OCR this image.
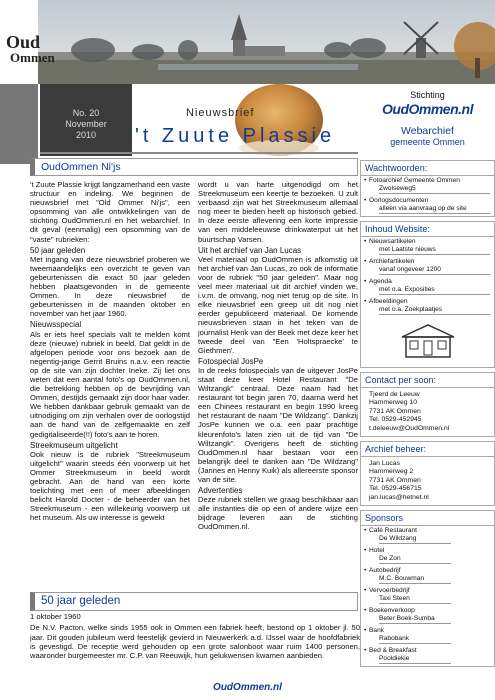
Oud
Ommen
No. 20
November
2010
Nieuwsbrief
't Zuute Plassie
Stichting
OudOmmen.nl
Webarchief
gemeente Ommen
OudOmmen Ni'js

't Zuute Plassie krijgt langzamerhand een vaste structuur en indeling. We beginnen de nieuwsbrief met "Old Ommer Ni'js", een opsomming van alle ontwikkelingen van de stichting OudOmmen.nl en het webarchief. In dit geval (eenmalig) een opsomming van de "vaste" rubrieken:

50 jaar geleden

Met ingang van deze nieuwsbrief proberen we tweemaandelijks een overzicht te geven van gebeurtenissen die exact 50 jaar geleden hebben plaatsgevonden in de gemeente Ommen. In deze nieuwsbrief de gebeurtenissen in de maanden oktober en november van het jaar 1960.

Nieuwsspecial

Als er iets heel specials valt te melden komt deze (nieuwe) rubriek in beeld. Dat geldt in de afgelopen periode voor ons bezoek aan de negentig-jarige Gerrit Bruins n.a.v. een reactie op de site van zijn dochter Ineke. Zij liet ons weten dat een aantal foto's op OudOmmen.nl, die betrekking hebben op de bevrijding van Ommen, destijds gemaakt zijn door haar vader. We hebben dankbaar gebruik gemaakt van de uitnodiging om zijn verhalen over de oorlogstijd aan de hand van de zelfgemaakte en zelf gedigitaliseerde(!!) foto's aan te horen.

Streekmuseum uitgelicht

Ook nieuw is de rubriek "Streekmuseum uitgelicht" waarin steeds één voorwerp uit het Ommer Streekmuseum in beeld wordt gebracht. Aan de hand van een korte toelichting met een of meer afbeeldingen belicht Harold Docter - de beheerder van het Streekmuseum - een willekeurig voorwerp uit het museum. Als uw interesse is gewekt

wordt u van harte uitgenodigd om het Streekmuseum een keertje te bezoeken. U zult verbaasd zijn wat het Streekmuseum allemaal nog meer te bieden heeft op historisch gebied. In deze eerste aflevering een korte impressie van een middeleeuwse drinkwaterput uit het buurtschap Varsen.

Uit het archief van Jan Lucas

Veel materiaal op OudOmmen is afkomstig uit het archief van Jan Lucas, zo ook de informatie voor de rubriek "50 jaar geleden". Maar nog veel meer materiaal uit dit archief vinden we, i.v.m. de omvang, nog niet terug op de site. In elke nieuwsbrief een greep uit dit nog niet eerder gepubliceerd materiaal. De komende nieuwsbrieven staan in het teken van de journalist Henk van der Beek met deze keer het tweede deel van "Een 'Holtspraecke' te Giethmen'.

Fotospecial JosPe

In de reeks fotospecials van de uitgever JosPe staat deze keer Hotel Restaurant "De Wiltzangk" centraal. Deze naam had het restaurant tot begin jaren 70, daarna werd het een Chinees restaurant en begin 1990 kreeg het restaurant de naam "De Wildzang". Dankzij JosPe kunnen we o.a. een paar prachtige kleurenfoto's laten zien uit de tijd van "De Wiltzangk". Overigens heeft de stichting OudOmmen.nl haar bestaan voor een belangrijk deel te danken aan "De Wildzang" (Jannes en Henny Kuik) als allereerste sponsor van de site.

Advertenties

Deze rubriek stellen we graag beschikbaar aan alle instanties die op een of andere wijze een bijdrage leveren aan de stichting OudOmmen.nl.

50 jaar geleden

1 oktober 1960

De N.V. Pacton, welke sinds 1955 ook in Ommen een fabriek heeft, bestond op 1 oktober jl. 50 jaar. Dit gouden jubileum werd feestelijk gevierd in Nieuwerkerk a.d. IJssel waar de hoofdfabriek is gevestigd. De receptie werd gehouden op een grote salonboot waar ruim 1400 personen, waaronder burgemeester mr. C.P. van Reeuwijk, hun gelukwensen kwamen aanbieden.

Wachtwoorden:
• Fotoarchief Gemeente Ommen
Zwolseweg5
• Oorlogsdocumenten
alleen via aanvraag op de site
Inhoud Website:
• Nieuwsartikelen
met Laatste nieuws
• Archiefartikelen
vanaf ongeveer 1200
• Agenda
met o.a. Exposities
• Afbeeldingen
met o.a. Zoekplaatjes
Contact per soon:
Tjeerd de Leeuw
Hammerweg 10
7731 AK Ommen
Tel. 0529-452945
t.deleeuw@OudOmmen.nl
Archief beheer:
Jan Lucas
Hammerweg 2
7731 AK Ommen
Tel. 0529-456715
jan.lucas@hetnet.nl
Sponsors
• Café Restaurant
De Wildzang
• Hotel
De Zon
• Autobedrijf
M.C. Bouwman
• Vervoerbedrijf
Taxi Steen
• Boekenverkoop
Beter Boek-Sumba
• Bank
Rabobank
• Bed & Breakfast
Pooldiekie
OudOmmen.nl
